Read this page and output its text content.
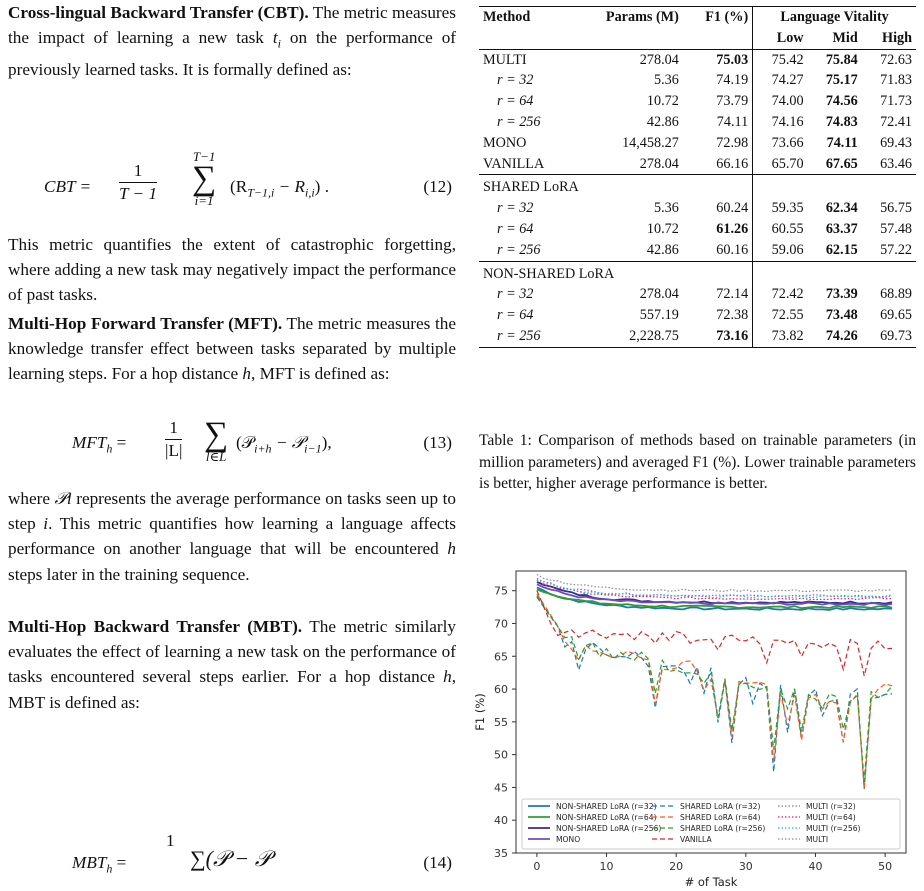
Cross-lingual Backward Transfer (CBT). The metric measures the impact of learning a new task $t_i$ on the performance of previously learned tasks. It is formally defined as:

CBT = $\frac{1}{T - 1}$
T−1
∑
i=1
$(R_{T-1,i} - R_{i,i})$ .	(12)

This metric quantifies the extent of catastrophic forgetting, where adding a new task may negatively impact the performance of past tasks.

Multi-Hop Forward Transfer (MFT). The metric measures the knowledge transfer effect between tasks separated by multiple learning steps. For a hop distance h, MFT is defined as:

$MFT_h = \frac{1}{|L|}$ ∑
l∈L
(𝒫$_{i+h}$ − 𝒫$_{i-1}$),	(13)

where 𝒫i represents the average performance on tasks seen up to step i. This metric quantifies how learning a language affects performance on another language that will be encountered h steps later in the training sequence.

Multi-Hop Backward Transfer (MBT). The metric similarly evaluates the effect of learning a new task on the performance of tasks encountered several steps earlier. For a hop distance h, MBT is defined as:

$MBT_h$ =
1
∑(𝒫 − 𝒫	(14)
Method	Params (M)	F1 (%)	Language Vitality		
			Low	Mid	High
MULTI	278.04	75.03	75.42	75.84	72.63
r = 32	5.36	74.19	74.27	75.17	71.83
r = 64	10.72	73.79	74.00	74.56	71.73
r = 256	42.86	74.11	74.16	74.83	72.41
MONO	14,458.27	72.98	73.66	74.11	69.43
VANILLA	278.04	66.16	65.70	67.65	63.46
SHARED LoRA					
r = 32	5.36	60.24	59.35	62.34	56.75
r = 64	10.72	61.26	60.55	63.37	57.48
r = 256	42.86	60.16	59.06	62.15	57.22
NON-SHARED LoRA					
r = 32	278.04	72.14	72.42	73.39	68.89
r = 64	557.19	72.38	72.55	73.48	69.65
r = 256	2,228.75	73.16	73.82	74.26	69.73
Table 1: Comparison of methods based on trainable parameters (in million parameters) and averaged F1 (%). Lower trainable parameters is better, higher average performance is better.
0	10	20	30	40	50
35
40
45
50
55
60
65
70
75
# of Task
F1 (%)
NON-SHARED LoRA (r=32)
NON-SHARED LoRA (r=64)
NON-SHARED LoRA (r=256)
MONO
SHARED LoRA (r=32)
SHARED LoRA (r=64)
SHARED LoRA (r=256)
VANILLA
MULTI (r=32)
MULTI (r=64)
MULTI (r=256)
MULTI
